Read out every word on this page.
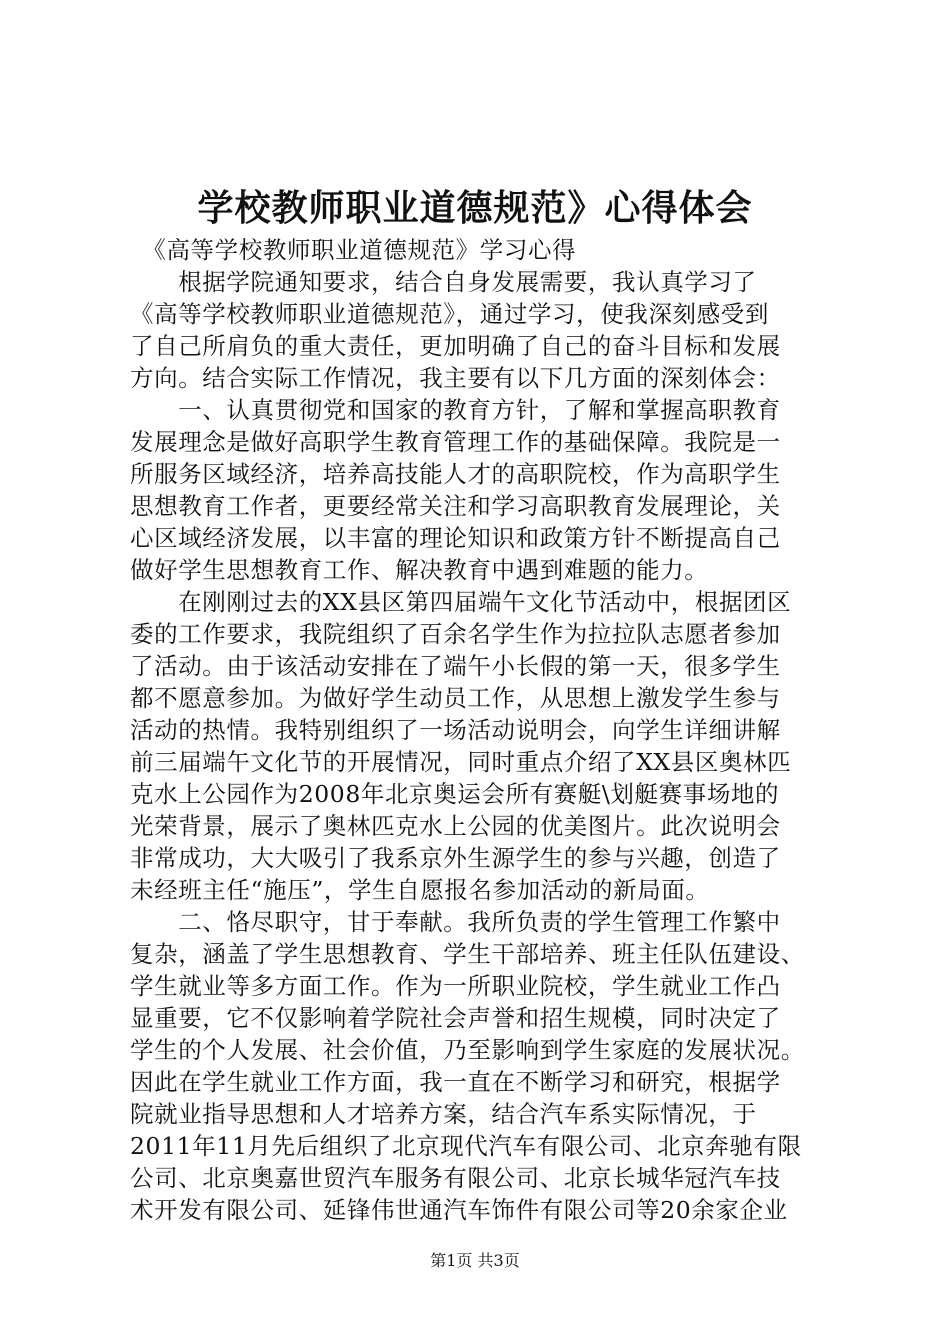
学校教师职业道德规范》心得体会
　《高等学校教师职业道德规范》学习心得
　　根据学院通知要求，结合自身发展需要，我认真学习了
《高等学校教师职业道德规范》，通过学习，使我深刻感受到
了自己所肩负的重大责任，更加明确了自己的奋斗目标和发展
方向。结合实际工作情况，我主要有以下几方面的深刻体会：
　　一、认真贯彻党和国家的教育方针，了解和掌握高职教育
发展理念是做好高职学生教育管理工作的基础保障。我院是一
所服务区域经济，培养高技能人才的高职院校，作为高职学生
思想教育工作者，更要经常关注和学习高职教育发展理论，关
心区域经济发展，以丰富的理论知识和政策方针不断提高自己
做好学生思想教育工作、解决教育中遇到难题的能力。
　　在刚刚过去的XX县区第四届端午文化节活动中，根据团区
委的工作要求，我院组织了百余名学生作为拉拉队志愿者参加
了活动。由于该活动安排在了端午小长假的第一天，很多学生
都不愿意参加。为做好学生动员工作，从思想上激发学生参与
活动的热情。我特别组织了一场活动说明会，向学生详细讲解
前三届端午文化节的开展情况，同时重点介绍了XX县区奥林匹
克水上公园作为2008年北京奥运会所有赛艇\划艇赛事场地的
光荣背景，展示了奥林匹克水上公园的优美图片。此次说明会
非常成功，大大吸引了我系京外生源学生的参与兴趣，创造了
未经班主任“施压”，学生自愿报名参加活动的新局面。
　　二、恪尽职守，甘于奉献。我所负责的学生管理工作繁中
复杂，涵盖了学生思想教育、学生干部培养、班主任队伍建设、
学生就业等多方面工作。作为一所职业院校，学生就业工作凸
显重要，它不仅影响着学院社会声誉和招生规模，同时决定了
学生的个人发展、社会价值，乃至影响到学生家庭的发展状况。
因此在学生就业工作方面，我一直在不断学习和研究，根据学
院就业指导思想和人才培养方案，结合汽车系实际情况，于
2011年11月先后组织了北京现代汽车有限公司、北京奔驰有限
公司、北京奥嘉世贸汽车服务有限公司、北京长城华冠汽车技
术开发有限公司、延锋伟世通汽车饰件有限公司等20余家企业
第1页 共3页
